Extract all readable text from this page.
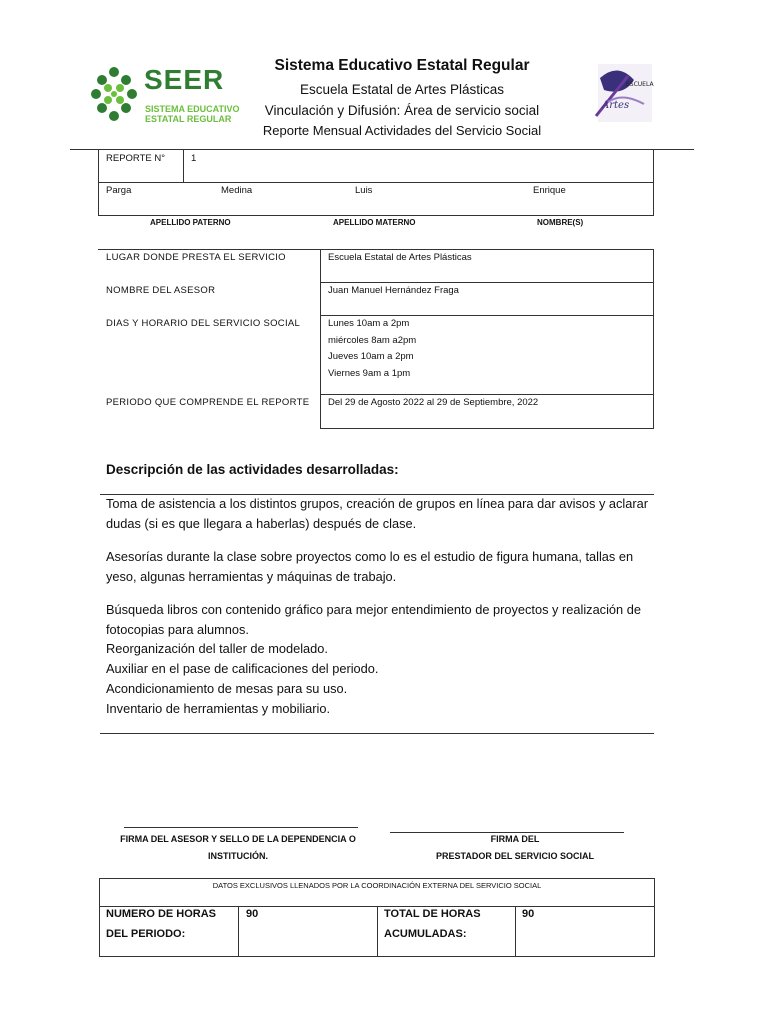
SEER
SISTEMA EDUCATIVO
ESTATAL REGULAR
ESCUELA
Artes
Sistema Educativo Estatal Regular
Escuela Estatal de Artes Plásticas
Vinculación y Difusión: Área de servicio social
Reporte Mensual Actividades del Servicio Social
REPORTE N°	1
Parga	Medina	Luis	Enrique
APELLIDO PATERNO	APELLIDO MATERNO	NOMBRE(S)
LUGAR DONDE PRESTA EL SERVICIO	Escuela Estatal de Artes Plásticas
NOMBRE DEL ASESOR	Juan Manuel Hernández Fraga
DIAS Y HORARIO DEL SERVICIO SOCIAL	Lunes 10am a 2pm
miércoles 8am a2pm
Jueves 10am a 2pm
Viernes 9am a 1pm
PERIODO QUE COMPRENDE EL REPORTE Del 29 de Agosto 2022 al 29 de Septiembre, 2022
Descripción de las actividades desarrolladas:
Toma de asistencia a los distintos grupos, creación de grupos en línea para dar avisos y aclarar
dudas (si es que llegara a haberlas) después de clase.
Asesorías durante la clase sobre proyectos como lo es el estudio de figura humana, tallas en
yeso, algunas herramientas y máquinas de trabajo.
Búsqueda libros con contenido gráfico para mejor entendimiento de proyectos y realización de
fotocopias para alumnos.
Reorganización del taller de modelado.
Auxiliar en el pase de calificaciones del periodo.
Acondicionamiento de mesas para su uso.
Inventario de herramientas y mobiliario.
FIRMA DEL ASESOR Y SELLO DE LA DEPENDENCIA O
INSTITUCIÓN.
FIRMA DEL
PRESTADOR DEL SERVICIO SOCIAL
DATOS EXCLUSIVOS LLENADOS POR LA COORDINACIÓN EXTERNA DEL SERVICIO SOCIAL
NUMERO DE HORAS
DEL PERIODO:
90	TOTAL DE HORAS
ACUMULADAS:
90
